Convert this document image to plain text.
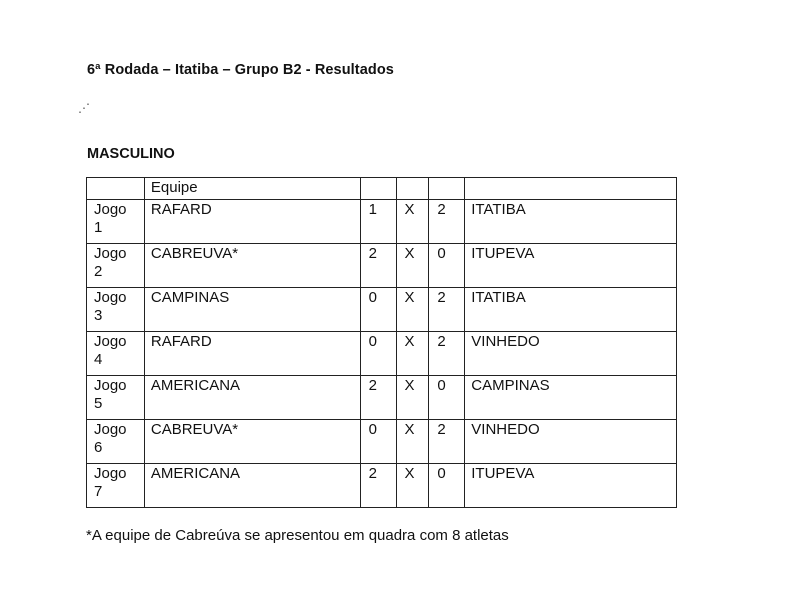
6ª Rodada – Itatiba – Grupo B2 - Resultados
⋰
MASCULINO
	Equipe				

Jogo
1	RAFARD	1	X	2	ITATIBA

Jogo
2	CABREUVA*	2	X	0	ITUPEVA

Jogo
3	CAMPINAS	0	X	2	ITATIBA

Jogo
4	RAFARD	0	X	2	VINHEDO

Jogo
5	AMERICANA	2	X	0	CAMPINAS

Jogo
6	CABREUVA*	0	X	2	VINHEDO

Jogo
7	AMERICANA	2	X	0	ITUPEVA
*A equipe de Cabreúva se apresentou em quadra com 8 atletas
